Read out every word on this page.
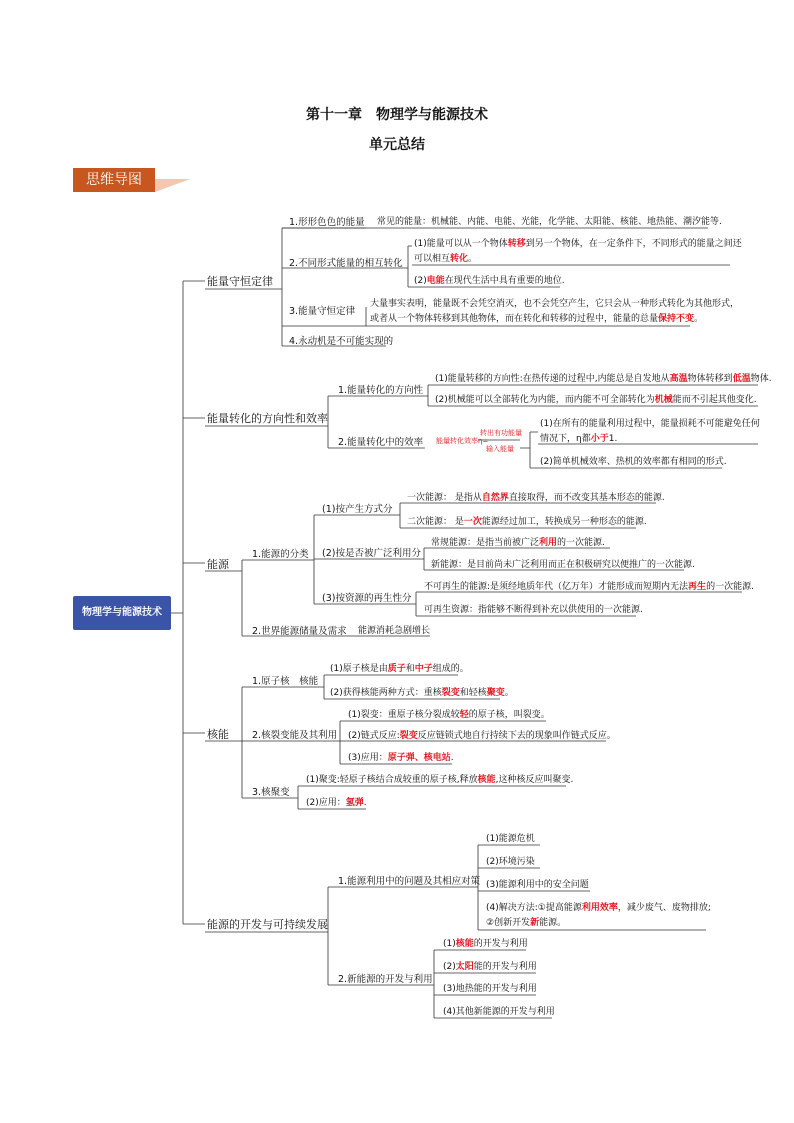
第十一章　物理学与能源技术
单元总结
思维导图
物理学与能源技术
能量守恒定律
1.形形色色的能量 常见的能量：机械能、内能、电能、光能，化学能、太阳能、核能、地热能、潮汐能等.
2.不同形式能量的相互转化
(1)能量可以从一个物体转移到另一个物体，在一定条件下，不同形式的能量之间还
可以相互转化。
(2)电能在现代生活中具有重要的地位.
3.能量守恒定律
大量事实表明，能量既不会凭空消灭，也不会凭空产生，它只会从一种形式转化为其他形式，
或者从一个物体转移到其他物体，而在转化和转移的过程中，能量的总量保持不变。
4.永动机是不可能实现的
能量转化的方向性和效率
1.能量转化的方向性
(1)能量转移的方向性:在热传递的过程中,内能总是自发地从高温物体转移到低温物体.
(2)机械能可以全部转化为内能，而内能不可全部转化为机械能而不引起其他变化.
2.能量转化中的效率 能量转化效率η=
转出有功能量
输入能量
(1)在所有的能量利用过程中，能量损耗不可能避免任何
情况下，η都小于1.
(2)简单机械效率、热机的效率都有相同的形式.
能源
1.能源的分类
(1)按产生方式分
一次能源： 是指从自然界直接取得，而不改变其基本形态的能源.
二次能源： 是一次能源经过加工，转换成另一种形态的能源.
(2)按是否被广泛利用分
常规能源：是指当前被广泛利用的一次能源.
新能源：是目前尚未广泛利用而正在积极研究以便推广的一次能源.
(3)按资源的再生性分
不可再生的能源:是须经地质年代（亿万年）才能形成而短期内无法再生的一次能源.
可再生资源：指能够不断得到补充以供使用的一次能源.
2.世界能源储量及需求 能源消耗急剧增长
核能
1.原子核　核能
(1)原子核是由质子和中子组成的。
(2)获得核能两种方式：重核裂变和轻核聚变。
2.核裂变能及其利用
(1)裂变：重原子核分裂成较轻的原子核，叫裂变。
(2)链式反应:裂变反应链锁式地自行持续下去的现象叫作链式反应。
(3)应用：原子弹、核电站.
3.核聚变
(1)聚变:轻原子核结合成较重的原子核,释放核能,这种核反应叫聚变.
(2)应用：氢弹.
能源的开发与可持续发展
1.能源利用中的问题及其相应对策
(1)能源危机
(2)环境污染
(3)能源利用中的安全问题
(4)解决方法:①提高能源利用效率，减少废气、废物排放;
②创新开发新能源。
2.新能源的开发与利用
(1)核能的开发与利用
(2)太阳能的开发与利用
(3)地热能的开发与利用
(4)其他新能源的开发与利用
